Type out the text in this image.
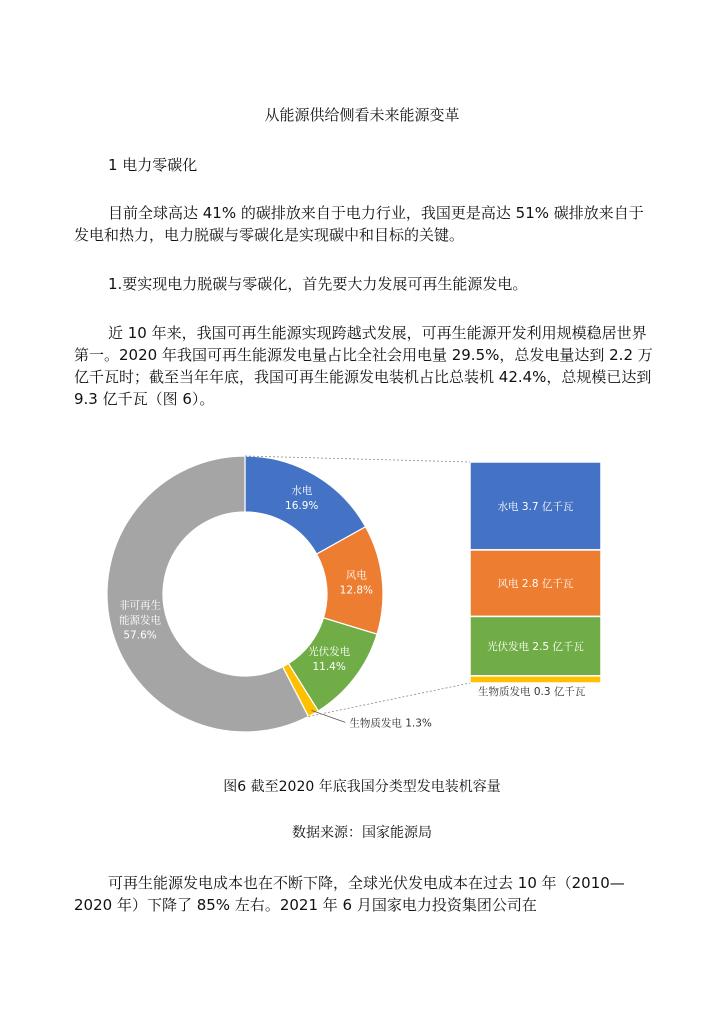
从能源供给侧看未来能源变革
1 电力零碳化

目前全球高达 41% 的碳排放来自于电力行业，我国更是高达 51% 碳排放来自于发电和热力，电力脱碳与零碳化是实现碳中和目标的关键。

1.要实现电力脱碳与零碳化，首先要大力发展可再生能源发电。

近 10 年来，我国可再生能源实现跨越式发展，可再生能源开发利用规模稳居世界第一。2020 年我国可再生能源发电量占比全社会用电量 29.5%，总发电量达到 2.2 万亿千瓦时；截至当年年底，我国可再生能源发电装机占比总装机 42.4%，总规模已达到 9.3 亿千瓦（图 6）。

水电
16.9%
风电
12.8%
光伏发电
11.4%
非可再生
能源发电
57.6%
生物质发电 1.3%
水电 3.7 亿千瓦
风电 2.8 亿千瓦
光伏发电 2.5 亿千瓦
生物质发电 0.3 亿千瓦
图6 截至2020 年底我国分类型发电装机容量
数据来源：国家能源局

可再生能源发电成本也在不断下降，全球光伏发电成本在过去 10 年（2010—2020 年）下降了 85% 左右。2021 年 6 月国家电力投资集团公司在
